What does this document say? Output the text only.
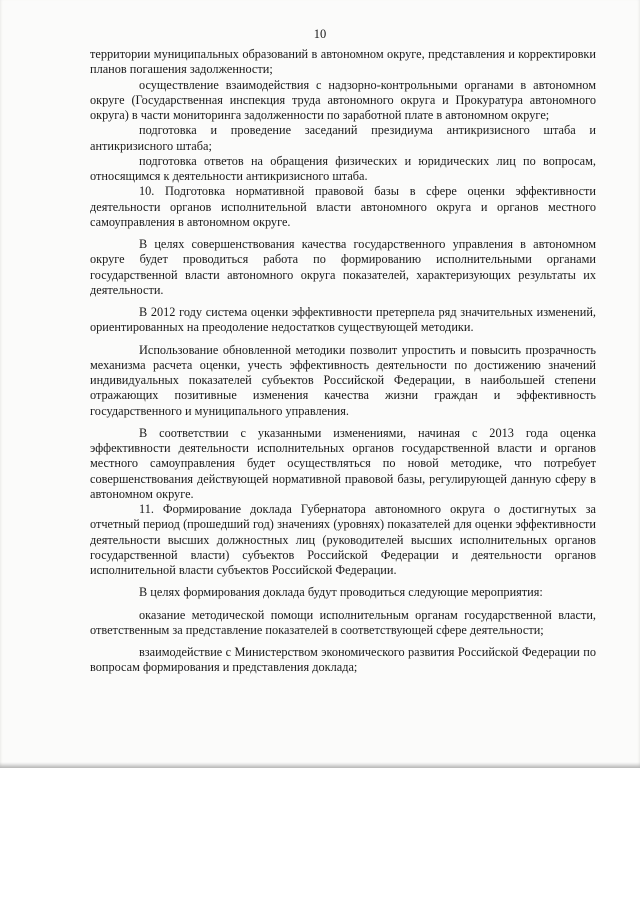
10

территории муниципальных образований в автономном округе, представления и корректировки планов погашения задолженности;

осуществление взаимодействия с надзорно-контрольными органами в автономном округе (Государственная инспекция труда автономного округа и Прокуратура автономного округа) в части мониторинга задолженности по заработной плате в автономном округе;

подготовка и проведение заседаний президиума антикризисного штаба и антикризисного штаба;

подготовка ответов на обращения физических и юридических лиц по вопросам, относящимся к деятельности антикризисного штаба.

10. Подготовка нормативной правовой базы в сфере оценки эффективности деятельности органов исполнительной власти автономного округа и органов местного самоуправления в автономном округе.

В целях совершенствования качества государственного управления в автономном округе будет проводиться работа по формированию исполнительными органами государственной власти автономного округа показателей, характеризующих результаты их деятельности.

В 2012 году система оценки эффективности претерпела ряд значительных изменений, ориентированных на преодоление недостатков существующей методики.

Использование обновленной методики позволит упростить и повысить прозрачность механизма расчета оценки, учесть эффективность деятельности по достижению значений индивидуальных показателей субъектов Российской Федерации, в наибольшей степени отражающих позитивные изменения качества жизни граждан и эффективность государственного и муниципального управления.

В соответствии с указанными изменениями, начиная с 2013 года оценка эффективности деятельности исполнительных органов государственной власти и органов местного самоуправления будет осуществляться по новой методике, что потребует совершенствования действующей нормативной правовой базы, регулирующей данную сферу в автономном округе.

11. Формирование доклада Губернатора автономного округа о достигнутых за отчетный период (прошедший год) значениях (уровнях) показателей для оценки эффективности деятельности высших должностных лиц (руководителей высших исполнительных органов государственной власти) субъектов Российской Федерации и деятельности органов исполнительной власти субъектов Российской Федерации.

В целях формирования доклада будут проводиться следующие мероприятия:

оказание методической помощи исполнительным органам государственной власти, ответственным за представление показателей в соответствующей сфере деятельности;

взаимодействие с Министерством экономического развития Российской Федерации по вопросам формирования и представления доклада;
